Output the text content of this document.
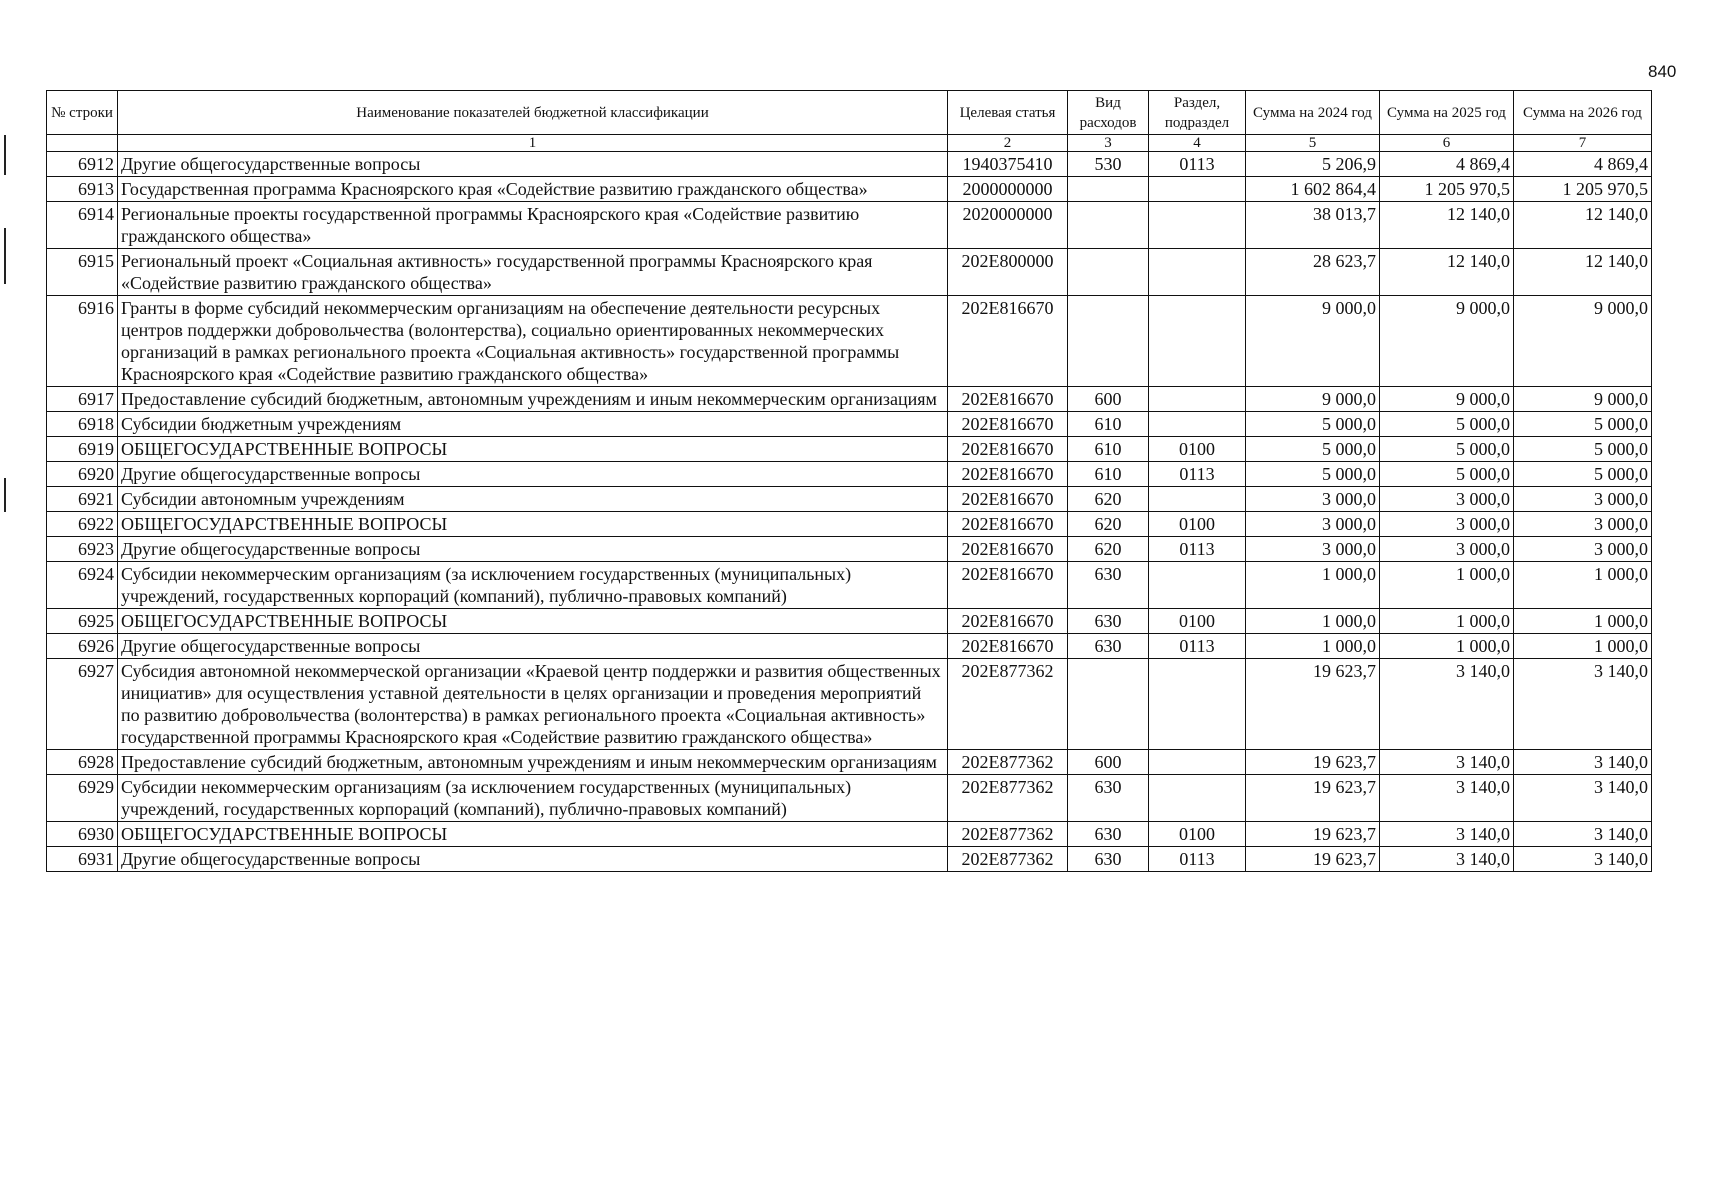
840
№ строки	Наименование показателей бюджетной классификации	Целевая статья	Вид расходов	Раздел, подраздел	Сумма на 2024 год	Сумма на 2025 год	Сумма на 2026 год
	1	2	3	4	5	6	7
6912	Другие общегосударственные вопросы	1940375410	530	0113	5 206,9	4 869,4	4 869,4
6913	Государственная программа Красноярского края «Содействие развитию гражданского общества»	2000000000			1 602 864,4	1 205 970,5	1 205 970,5
6914	Региональные проекты государственной программы Красноярского края «Содействие развитию гражданского общества»	2020000000			38 013,7	12 140,0	12 140,0
6915	Региональный проект «Социальная активность» государственной программы Красноярского края «Содействие развитию гражданского общества»	202E800000			28 623,7	12 140,0	12 140,0
6916	Гранты в форме субсидий некоммерческим организациям на обеспечение деятельности ресурсных центров поддержки добровольчества (волонтерства), социально ориентированных некоммерческих организаций в рамках регионального проекта «Социальная активность» государственной программы Красноярского края «Содействие развитию гражданского общества»	202E816670			9 000,0	9 000,0	9 000,0
6917	Предоставление субсидий бюджетным, автономным учреждениям и иным некоммерческим организациям	202E816670	600		9 000,0	9 000,0	9 000,0
6918	Субсидии бюджетным учреждениям	202E816670	610		5 000,0	5 000,0	5 000,0
6919	ОБЩЕГОСУДАРСТВЕННЫЕ ВОПРОСЫ	202E816670	610	0100	5 000,0	5 000,0	5 000,0
6920	Другие общегосударственные вопросы	202E816670	610	0113	5 000,0	5 000,0	5 000,0
6921	Субсидии автономным учреждениям	202E816670	620		3 000,0	3 000,0	3 000,0
6922	ОБЩЕГОСУДАРСТВЕННЫЕ ВОПРОСЫ	202E816670	620	0100	3 000,0	3 000,0	3 000,0
6923	Другие общегосударственные вопросы	202E816670	620	0113	3 000,0	3 000,0	3 000,0
6924	Субсидии некоммерческим организациям (за исключением государственных (муниципальных) учреждений, государственных корпораций (компаний), публично-правовых компаний)	202E816670	630		1 000,0	1 000,0	1 000,0
6925	ОБЩЕГОСУДАРСТВЕННЫЕ ВОПРОСЫ	202E816670	630	0100	1 000,0	1 000,0	1 000,0
6926	Другие общегосударственные вопросы	202E816670	630	0113	1 000,0	1 000,0	1 000,0
6927	Субсидия автономной некоммерческой организации «Краевой центр поддержки и развития общественных инициатив» для осуществления уставной деятельности в целях организации и проведения мероприятий по развитию добровольчества (волонтерства) в рамках регионального проекта «Социальная активность» государственной программы Красноярского края «Содействие развитию гражданского общества»	202E877362			19 623,7	3 140,0	3 140,0
6928	Предоставление субсидий бюджетным, автономным учреждениям и иным некоммерческим организациям	202E877362	600		19 623,7	3 140,0	3 140,0
6929	Субсидии некоммерческим организациям (за исключением государственных (муниципальных) учреждений, государственных корпораций (компаний), публично-правовых компаний)	202E877362	630		19 623,7	3 140,0	3 140,0
6930	ОБЩЕГОСУДАРСТВЕННЫЕ ВОПРОСЫ	202E877362	630	0100	19 623,7	3 140,0	3 140,0
6931	Другие общегосударственные вопросы	202E877362	630	0113	19 623,7	3 140,0	3 140,0
